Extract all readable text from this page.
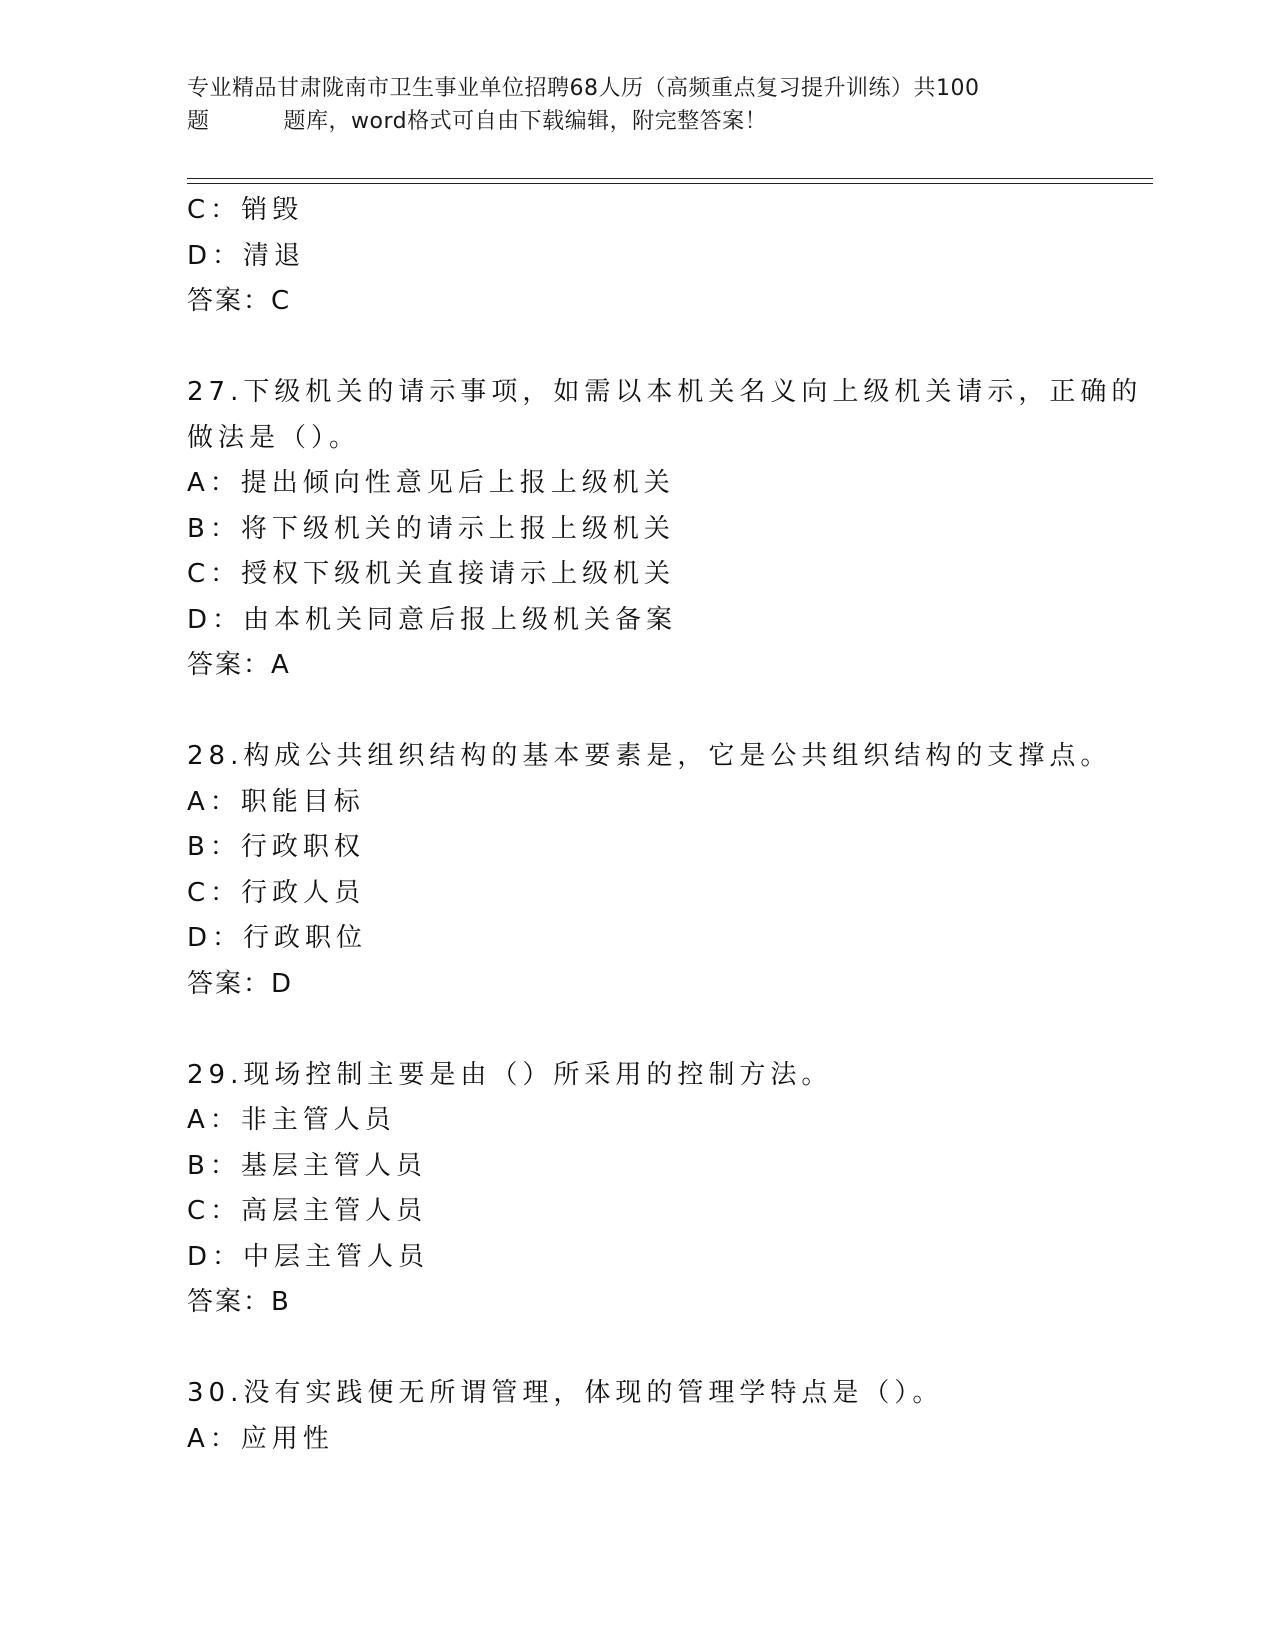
专业精品甘肃陇南市卫生事业单位招聘68人历（高频重点复习提升训练）共100
题	题库，word格式可自由下载编辑，附完整答案！
C：销毁
D：清退
答案：C
27.下级机关的请示事项，如需以本机关名义向上级机关请示，正确的
做法是（）。
A：提出倾向性意见后上报上级机关
B：将下级机关的请示上报上级机关
C：授权下级机关直接请示上级机关
D：由本机关同意后报上级机关备案
答案：A
28.构成公共组织结构的基本要素是，它是公共组织结构的支撑点。
A：职能目标
B：行政职权
C：行政人员
D：行政职位
答案：D
29.现场控制主要是由（）所采用的控制方法。
A：非主管人员
B：基层主管人员
C：高层主管人员
D：中层主管人员
答案：B
30.没有实践便无所谓管理，体现的管理学特点是（）。
A：应用性
